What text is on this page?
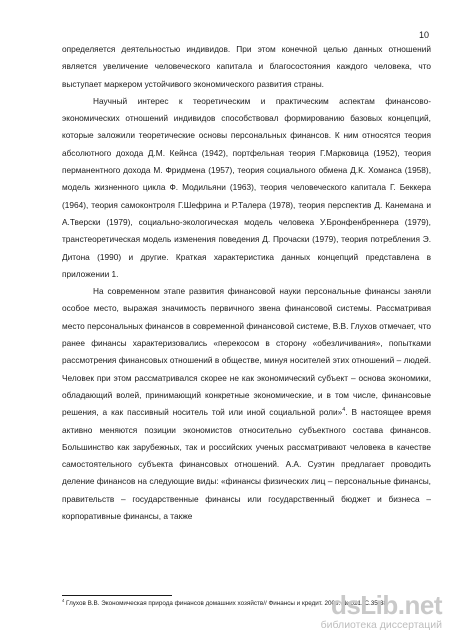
10

определяется деятельностью индивидов. При этом конечной целью данных отношений является увеличение человеческого капитала и благосостояния каждого человека, что выступает маркером устойчивого экономического развития страны.

Научный интерес к теоретическим и практическим аспектам финансово-экономических отношений индивидов способствовал формированию базовых концепций, которые заложили теоретические основы персональных финансов. К ним относятся теория абсолютного дохода Д.М. Кейнса (1942), портфельная теория Г.Марковица (1952), теория перманентного дохода М. Фридмена (1957), теория социального обмена Д.К. Хоманса (1958), модель жизненного цикла Ф. Модильяни (1963), теория человеческого капитала Г. Беккера (1964), теория самоконтроля Г.Шефрина и Р.Талера (1978), теория перспектив Д. Канемана и А.Тверски (1979), социально-экологическая модель человека У.Бронфенбреннера (1979), транстеоретическая модель изменения поведения Д. Прочаски (1979), теория потребления Э. Дитона (1990) и другие. Краткая характеристика данных концепций представлена в приложении 1.

На современном этапе развития финансовой науки персональные финансы заняли особое место, выражая значимость первичного звена финансовой системы. Рассматривая место персональных финансов в современной финансовой системе, В.В. Глухов отмечает, что ранее финансы характеризовались «перекосом в сторону «обезличивания», попытками рассмотрения финансовых отношений в обществе, минуя носителей этих отношений – людей. Человек при этом рассматривался скорее не как экономический субъект – основа экономики, обладающий волей, принимающий конкретные экономические, и в том числе, финансовые решения, а как пассивный носитель той или иной социальной роли»$^4$. В настоящее время активно меняются позиции экономистов относительно субъектного состава финансов. Большинство как зарубежных, так и российских ученых рассматривают человека в качестве самостоятельного субъекта финансовых отношений. А.А. Суэтин предлагает проводить деление финансов на следующие виды: «финансы физических лиц – персональные финансы, правительств – государственные финансы или государственный бюджет и бизнеса – корпоративные финансы, а также

$^4$ Глухов В.В. Экономическая природа финансов домашних хозяйств// Финансы и кредит. 2008. № 021. С.35-38.
dsLib.net
библиотека диссертаций
